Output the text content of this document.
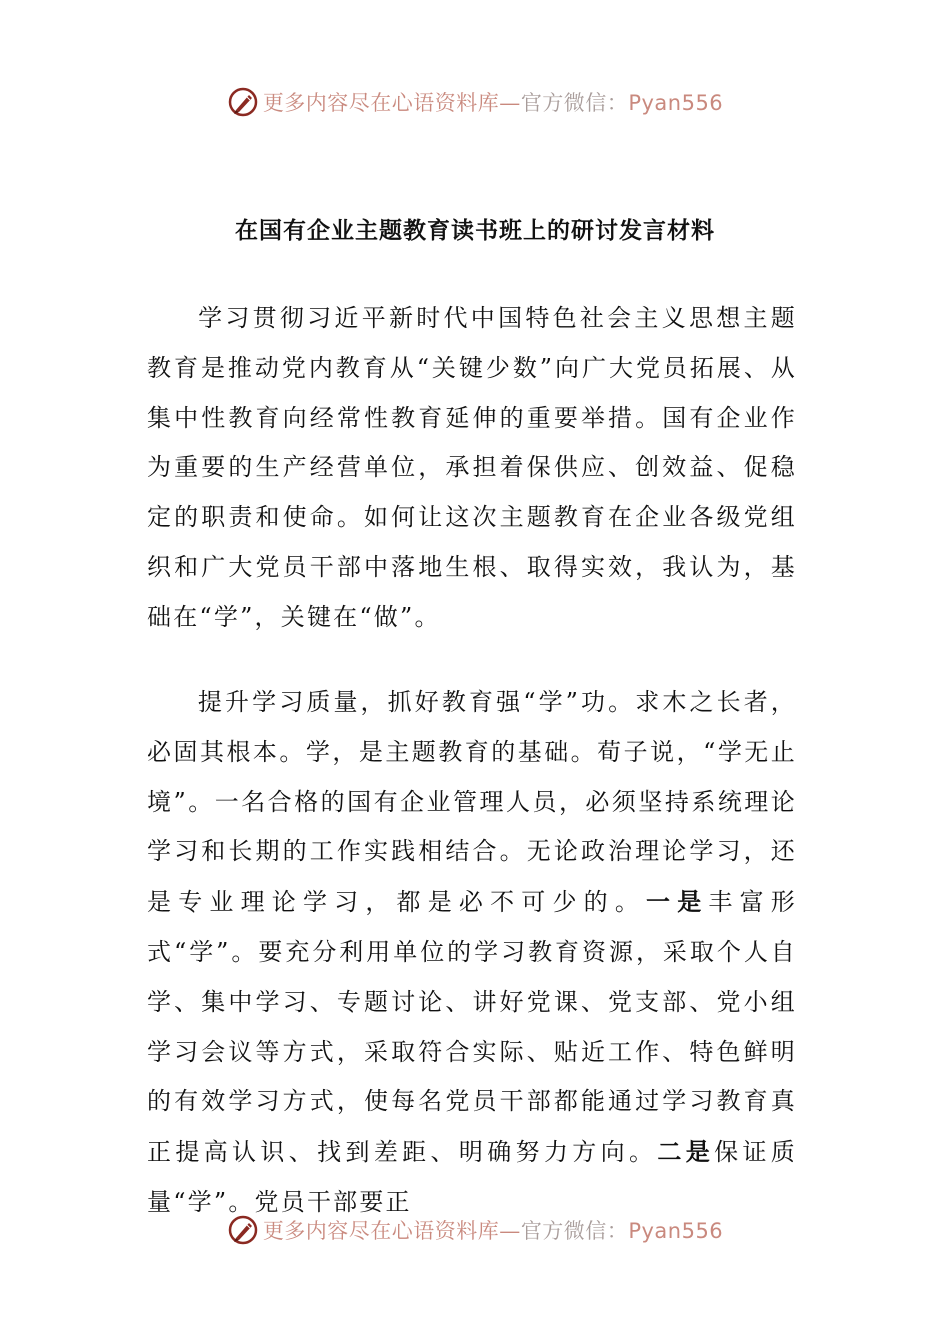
更多内容尽在心语资料库—官方微信：Pyan556
在国有企业主题教育读书班上的研讨发言材料

学习贯彻习近平新时代中国特色社会主义思想主题教育是推动党内教育从“关键少数”向广大党员拓展、从集中性教育向经常性教育延伸的重要举措。国有企业作为重要的生产经营单位，承担着保供应、创效益、促稳定的职责和使命。如何让这次主题教育在企业各级党组织和广大党员干部中落地生根、取得实效，我认为，基础在“学”，关键在“做”。

提升学习质量，抓好教育强“学”功。求木之长者，必固其根本。学，是主题教育的基础。荀子说，“学无止境”。一名合格的国有企业管理人员，必须坚持系统理论学习和长期的工作实践相结合。无论政治理论学习，还是专业理论学习，都是必不可少的。一是丰富形式“学”。要充分利用单位的学习教育资源，采取个人自学、集中学习、专题讨论、讲好党课、党支部、党小组学习会议等方式，采取符合实际、贴近工作、特色鲜明的有效学习方式，使每名党员干部都能通过学习教育真正提高认识、找到差距、明确努力方向。二是保证质量“学”。党员干部要正

更多内容尽在心语资料库—官方微信：Pyan556
